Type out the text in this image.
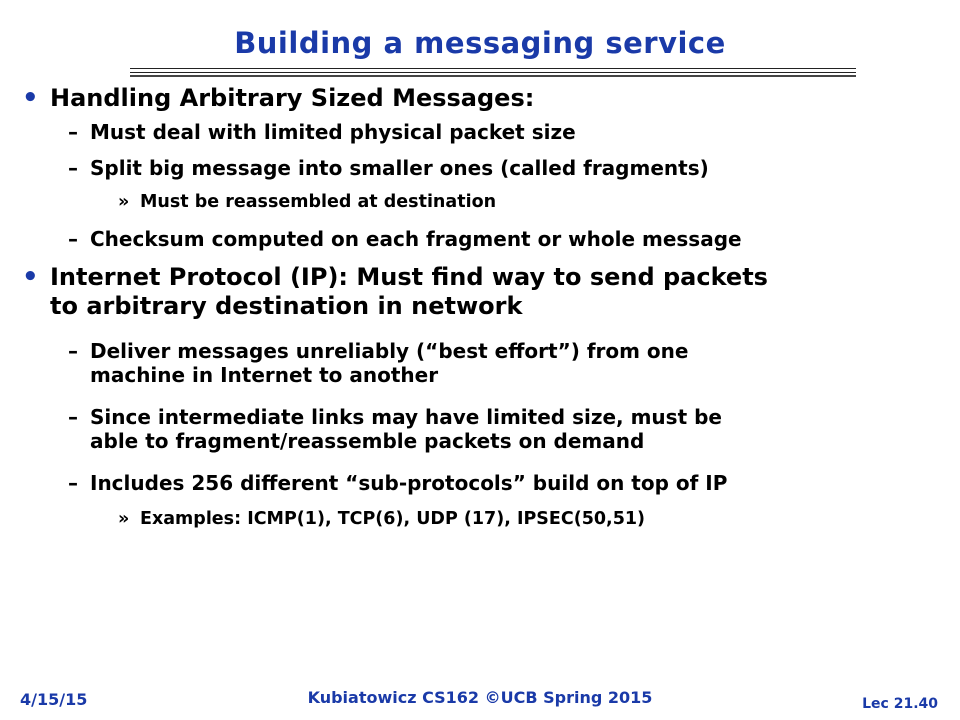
Building a messaging service
• Handling Arbitrary Sized Messages:
– Must deal with limited physical packet size
– Split big message into smaller ones (called fragments)
» Must be reassembled at destination
– Checksum computed on each fragment or whole message
• Internet Protocol (IP): Must find way to send packets
to arbitrary destination in network
– Deliver messages unreliably (“best effort”) from one
machine in Internet to another
– Since intermediate links may have limited size, must be
able to fragment/reassemble packets on demand
– Includes 256 different “sub-protocols” build on top of IP
» Examples: ICMP(1), TCP(6), UDP (17), IPSEC(50,51)
4/15/15	Kubiatowicz CS162 ©UCB Spring 2015	Lec 21.40
